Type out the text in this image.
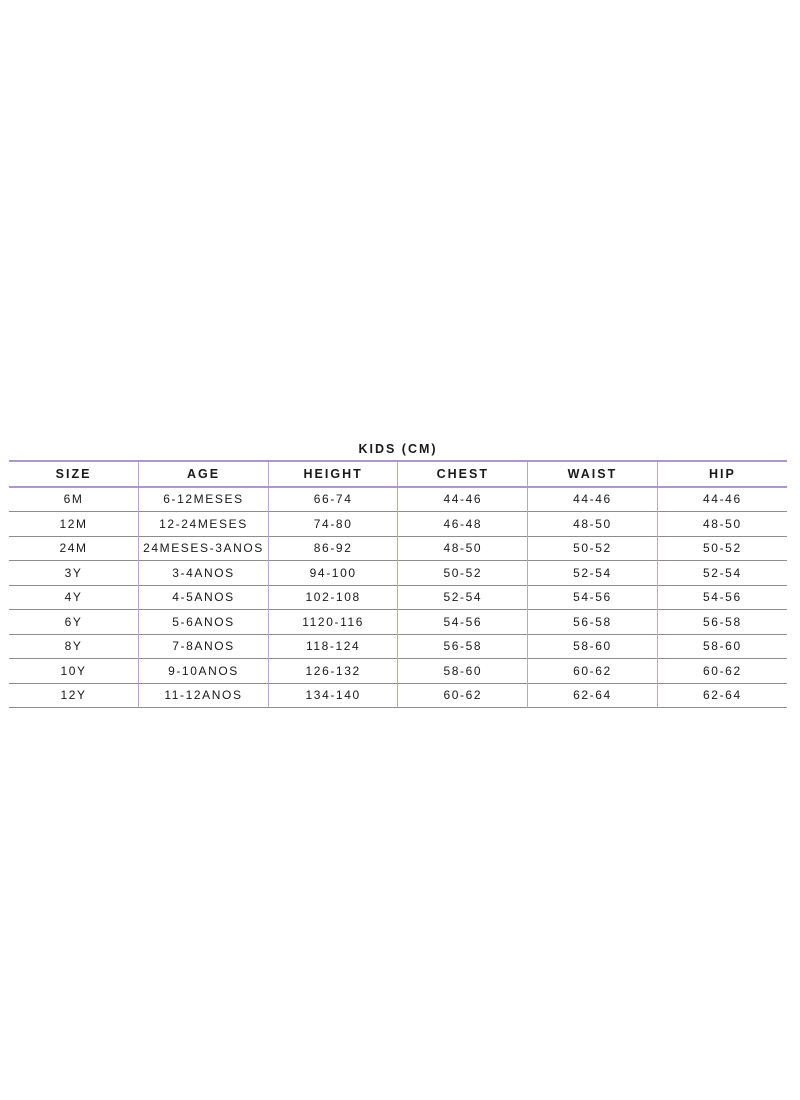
KIDS (CM)
SIZE	AGE	HEIGHT	CHEST	WAIST	HIP
6M	6-12MESES	66-74	44-46	44-46	44-46
12M	12-24MESES	74-80	46-48	48-50	48-50
24M	24MESES-3ANOS	86-92	48-50	50-52	50-52
3Y	3-4ANOS	94-100	50-52	52-54	52-54
4Y	4-5ANOS	102-108	52-54	54-56	54-56
6Y	5-6ANOS	1120-116	54-56	56-58	56-58
8Y	7-8ANOS	118-124	56-58	58-60	58-60
10Y	9-10ANOS	126-132	58-60	60-62	60-62
12Y	11-12ANOS	134-140	60-62	62-64	62-64
